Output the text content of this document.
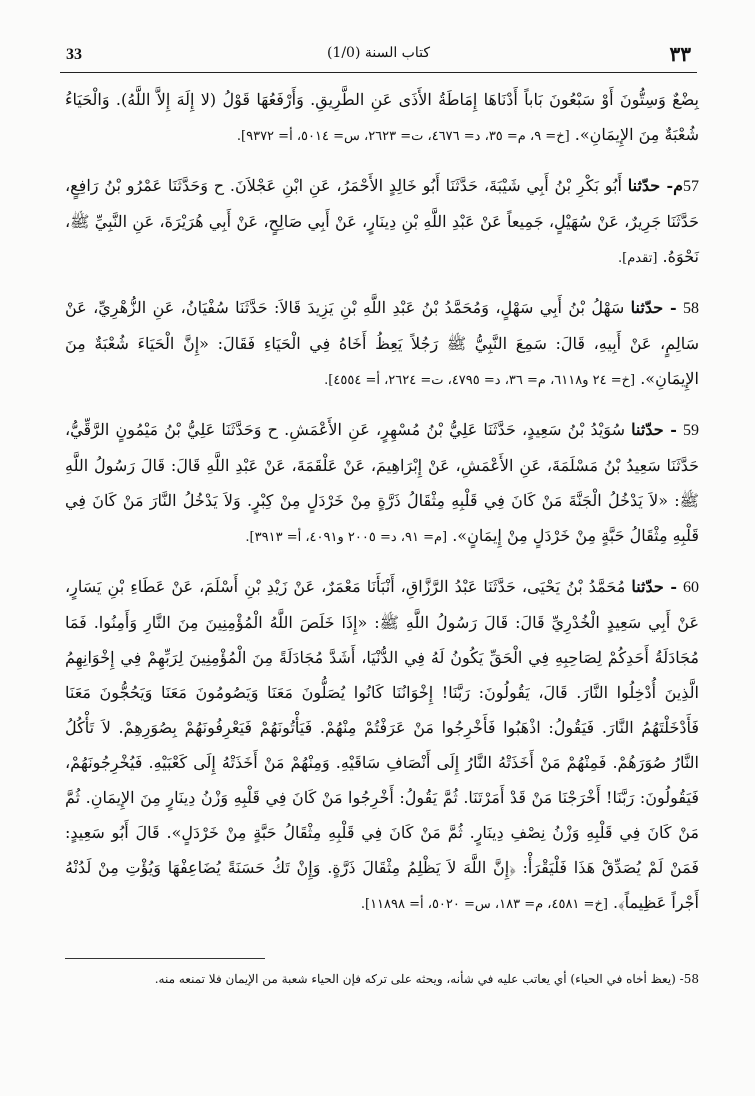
33	(1/0) كتاب السنة	٣٣

بِضْعٌ وَسِتُّونَ أَوْ سَبْعُونَ بَاباً أَدْنَاهَا إِمَاطَةُ الأَذَى عَنِ الطَّرِيقِ. وَأَرْفَعُهَا قَوْلُ (لا إِلَهَ إِلاَّ اللَّهُ). وَالْحَيَاءُ شُعْبَةٌ مِنَ الإِيمَانِ». [خ= ٩، م= ٣٥، د= ٤٦٧٦، ت= ٢٦٢٣، س= ٥٠١٤، أ= ٩٣٧٢].

57م- حدّثنا أَبُو بَكْرِ بْنُ أَبِي شَيْبَةَ، حَدَّثَنَا أَبُو خَالِدٍ الأَحْمَرُ، عَنِ ابْنِ عَجْلاَنَ. ح وَحَدَّثَنَا عَمْرُو بْنُ رَافِعٍ، حَدَّثَنَا جَرِيرٌ، عَنْ سُهَيْلٍ، جَمِيعاً عَنْ عَبْدِ اللَّهِ بْنِ دِينَارٍ، عَنْ أَبِي صَالِحٍ، عَنْ أَبِي هُرَيْرَةَ، عَنِ النَّبِيِّ ﷺ، نَحْوَهُ. [تقدم].

58 - حدّثنا سَهْلُ بْنُ أَبِي سَهْلٍ، وَمُحَمَّدُ بْنُ عَبْدِ اللَّهِ بْنِ يَزِيدَ قَالاَ: حَدَّثَنَا سُفْيَانُ، عَنِ الزُّهْرِيِّ، عَنْ سَالِمٍ، عَنْ أَبِيهِ، قَالَ: سَمِعَ النَّبِيُّ ﷺ رَجُلاً يَعِظُ أَخَاهُ فِي الْحَيَاءِ فَقَالَ: «إِنَّ الْحَيَاءَ شُعْبَةٌ مِنَ الإِيمَانِ». [خ= ٢٤ و٦١١٨، م= ٣٦، د= ٤٧٩٥، ت= ٢٦٢٤، أ= ٤٥٥٤].

59 - حدّثنا سُوَيْدُ بْنُ سَعِيدٍ، حَدَّثَنَا عَلِيُّ بْنُ مُسْهِرٍ، عَنِ الأَعْمَشِ. ح وَحَدَّثَنَا عَلِيُّ بْنُ مَيْمُونٍ الرَّقِّيُّ، حَدَّثَنَا سَعِيدُ بْنُ مَسْلَمَةَ، عَنِ الأَعْمَشِ، عَنْ إِبْرَاهِيمَ، عَنْ عَلْقَمَةَ، عَنْ عَبْدِ اللَّهِ قَالَ: قَالَ رَسُولُ اللَّهِ ﷺ: «لاَ يَدْخُلُ الْجَنَّةَ مَنْ كَانَ فِي قَلْبِهِ مِثْقَالُ ذَرَّةٍ مِنْ خَرْدَلٍ مِنْ كِبْرٍ. وَلاَ يَدْخُلُ النَّارَ مَنْ كَانَ فِي قَلْبِهِ مِثْقَالُ حَبَّةٍ مِنْ خَرْدَلٍ مِنْ إِيمَانٍ». [م= ٩١، د= ٢٠٠٥ و٤٠٩١، أ= ٣٩١٣].

60 - حدّثنا مُحَمَّدُ بْنُ يَحْيَى، حَدَّثَنَا عَبْدُ الرَّزَّاقِ، أَنْبَأَنَا مَعْمَرٌ، عَنْ زَيْدِ بْنِ أَسْلَمَ، عَنْ عَطَاءِ بْنِ يَسَارٍ، عَنْ أَبِي سَعِيدٍ الْخُدْرِيِّ قَالَ: قَالَ رَسُولُ اللَّهِ ﷺ: «إِذَا خَلَصَ اللَّهُ الْمُؤْمِنِينَ مِنَ النَّارِ وَأَمِنُوا. فَمَا مُجَادَلَةُ أَحَدِكُمْ لِصَاحِبِهِ فِي الْحَقِّ يَكُونُ لَهُ فِي الدُّنْيَا، أَشَدَّ مُجَادَلَةً مِنَ الْمُؤْمِنِينَ لِرَبِّهِمْ فِي إِخْوَانِهِمُ الَّذِينَ أُدْخِلُوا النَّارَ. قَالَ، يَقُولُونَ: رَبَّنَا! إِخْوَانُنَا كَانُوا يُصَلُّونَ مَعَنَا وَيَصُومُونَ مَعَنَا وَيَحُجُّونَ مَعَنَا فَأَدْخَلْتَهُمُ النَّارَ. فَيَقُولُ: اذْهَبُوا فَأَخْرِجُوا مَنْ عَرَفْتُمْ مِنْهُمْ. فَيَأْتُونَهُمْ فَيَعْرِفُونَهُمْ بِصُوَرِهِمْ. لاَ تَأْكُلُ النَّارُ صُوَرَهُمْ. فَمِنْهُمْ مَنْ أَخَذَتْهُ النَّارُ إِلَى أَنْصَافِ سَاقَيْهِ. وَمِنْهُمْ مَنْ أَخَذَتْهُ إِلَى كَعْبَيْهِ. فَيُخْرِجُونَهُمْ، فَيَقُولُونَ: رَبَّنَا! أَخْرَجْنَا مَنْ قَدْ أَمَرْتَنَا. ثُمَّ يَقُولُ: أَخْرِجُوا مَنْ كَانَ فِي قَلْبِهِ وَزْنُ دِينَارٍ مِنَ الإِيمَانِ. ثُمَّ مَنْ كَانَ فِي قَلْبِهِ وَزْنُ نِصْفِ دِينَارٍ. ثُمَّ مَنْ كَانَ فِي قَلْبِهِ مِثْقَالُ حَبَّةٍ مِنْ خَرْدَلٍ». قَالَ أَبُو سَعِيدٍ: فَمَنْ لَمْ يُصَدِّقْ هَذَا فَلْيَقْرَأْ: ﴿إِنَّ اللَّهَ لاَ يَظْلِمُ مِثْقَالَ ذَرَّةٍ. وَإِنْ تَكُ حَسَنَةً يُضَاعِفْهَا وَيُؤْتِ مِنْ لَدُنْهُ أَجْراً عَظِيماً﴾. [خ= ٤٥٨١، م= ١٨٣، س= ٥٠٢٠، أ= ١١٨٩٨].

58- (يعظ أخاه في الحياء) أي يعاتب عليه في شأنه، ويحثه على تركه فإن الحياء شعبة من الإيمان فلا تمنعه منه.
